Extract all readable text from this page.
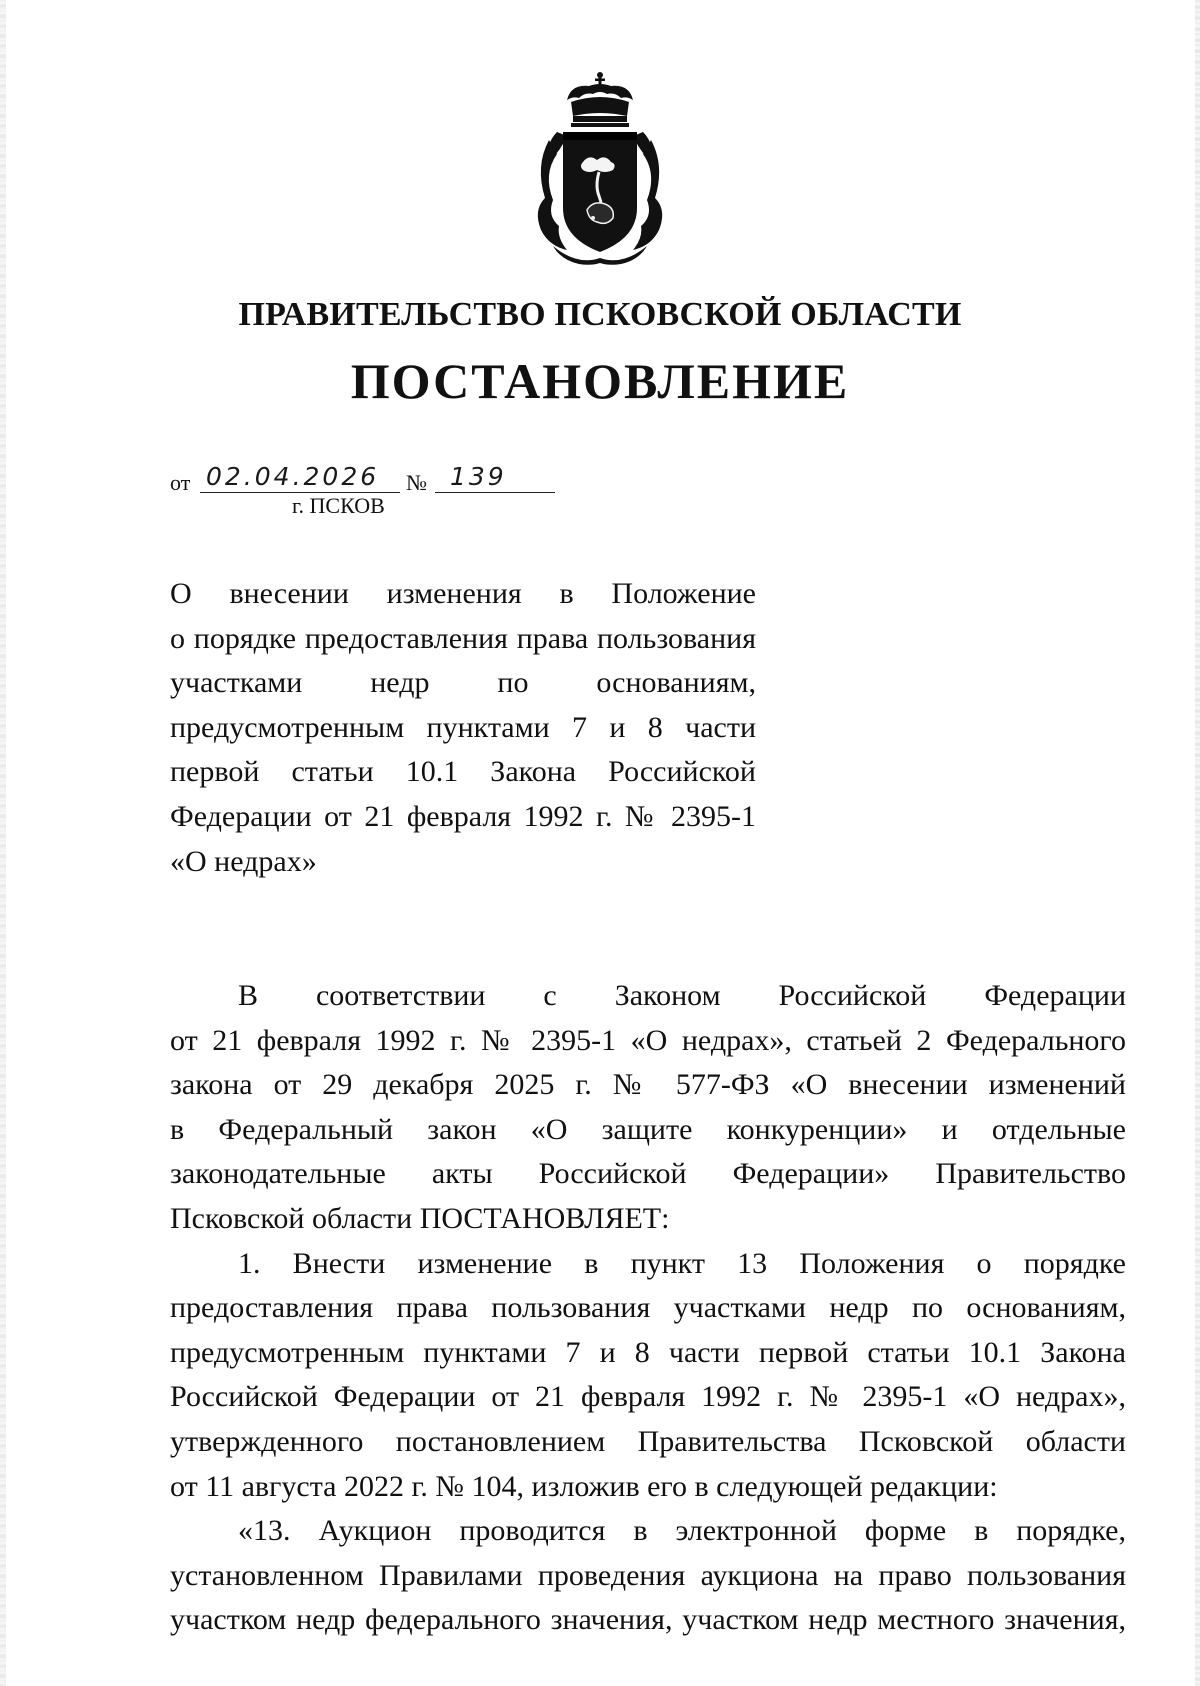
ПРАВИТЕЛЬСТВО ПСКОВСКОЙ ОБЛАСТИ
ПОСТАНОВЛЕНИЕ
от 02.04.2026 № 139
г. ПСКОВ
О внесении изменения в Положение
о порядке предоставления права пользования
участками недр по основаниям,
предусмотренным пунктами 7 и 8 части
первой статьи 10.1 Закона Российской
Федерации от 21 февраля 1992 г. № 2395-1
«О недрах»
В соответствии с Законом Российской Федерации
от 21 февраля 1992 г. № 2395-1 «О недрах», статьей 2 Федерального
закона от 29 декабря 2025 г. № 577-ФЗ «О внесении изменений
в Федеральный закон «О защите конкуренции» и отдельные
законодательные акты Российской Федерации» Правительство
Псковской области ПОСТАНОВЛЯЕТ:
1. Внести изменение в пункт 13 Положения о порядке
предоставления права пользования участками недр по основаниям,
предусмотренным пунктами 7 и 8 части первой статьи 10.1 Закона
Российской Федерации от 21 февраля 1992 г. № 2395-1 «О недрах»,
утвержденного постановлением Правительства Псковской области
от 11 августа 2022 г. № 104, изложив его в следующей редакции:
«13. Аукцион проводится в электронной форме в порядке,
установленном Правилами проведения аукциона на право пользования
участком недр федерального значения, участком недр местного значения,
